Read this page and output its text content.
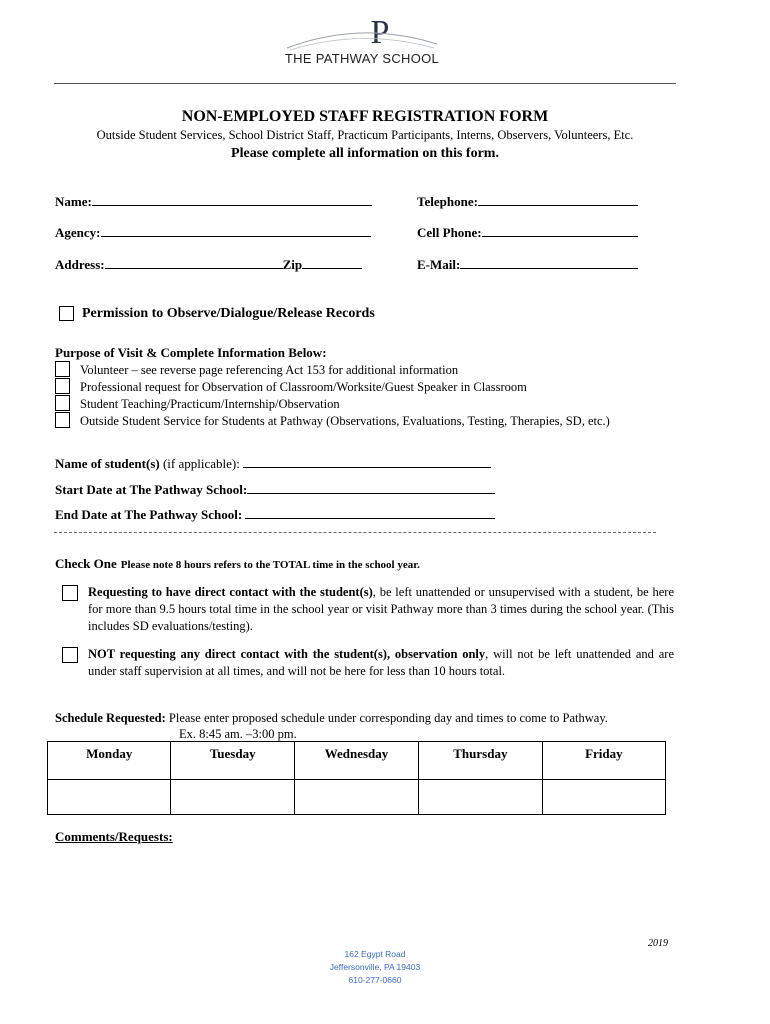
P
THE PATHWAY SCHOOL
NON-EMPLOYED STAFF REGISTRATION FORM
Outside Student Services, School District Staff, Practicum Participants, Interns, Observers, Volunteers, Etc.
Please complete all information on this form.
Name:
Agency:
Address:	Zip
Telephone:
Cell Phone:
E-Mail:
Permission to Observe/Dialogue/Release Records
Purpose of Visit & Complete Information Below:
Volunteer – see reverse page referencing Act 153 for additional information
Professional request for Observation of Classroom/Worksite/Guest Speaker in Classroom
Student Teaching/Practicum/Internship/Observation
Outside Student Service for Students at Pathway (Observations, Evaluations, Testing, Therapies, SD, etc.)
Name of student(s) (if applicable):
Start Date at The Pathway School:
End Date at The Pathway School:
Check One Please note 8 hours refers to the TOTAL time in the school year.
Requesting to have direct contact with the student(s), be left unattended or unsupervised with a student, be here for more than 9.5 hours total time in the school year or visit Pathway more than 3 times during the school year. (This includes SD evaluations/testing).
NOT requesting any direct contact with the student(s), observation only, will not be left unattended and are under staff supervision at all times, and will not be here for less than 10 hours total.
Schedule Requested: Please enter proposed schedule under corresponding day and times to come to Pathway.
Ex. 8:45 am. –3:00 pm.
Monday	Tuesday	Wednesday	Thursday	Friday

Comments/Requests:
2019
162 Egypt Road
Jeffersonville, PA 19403
610-277-0660
